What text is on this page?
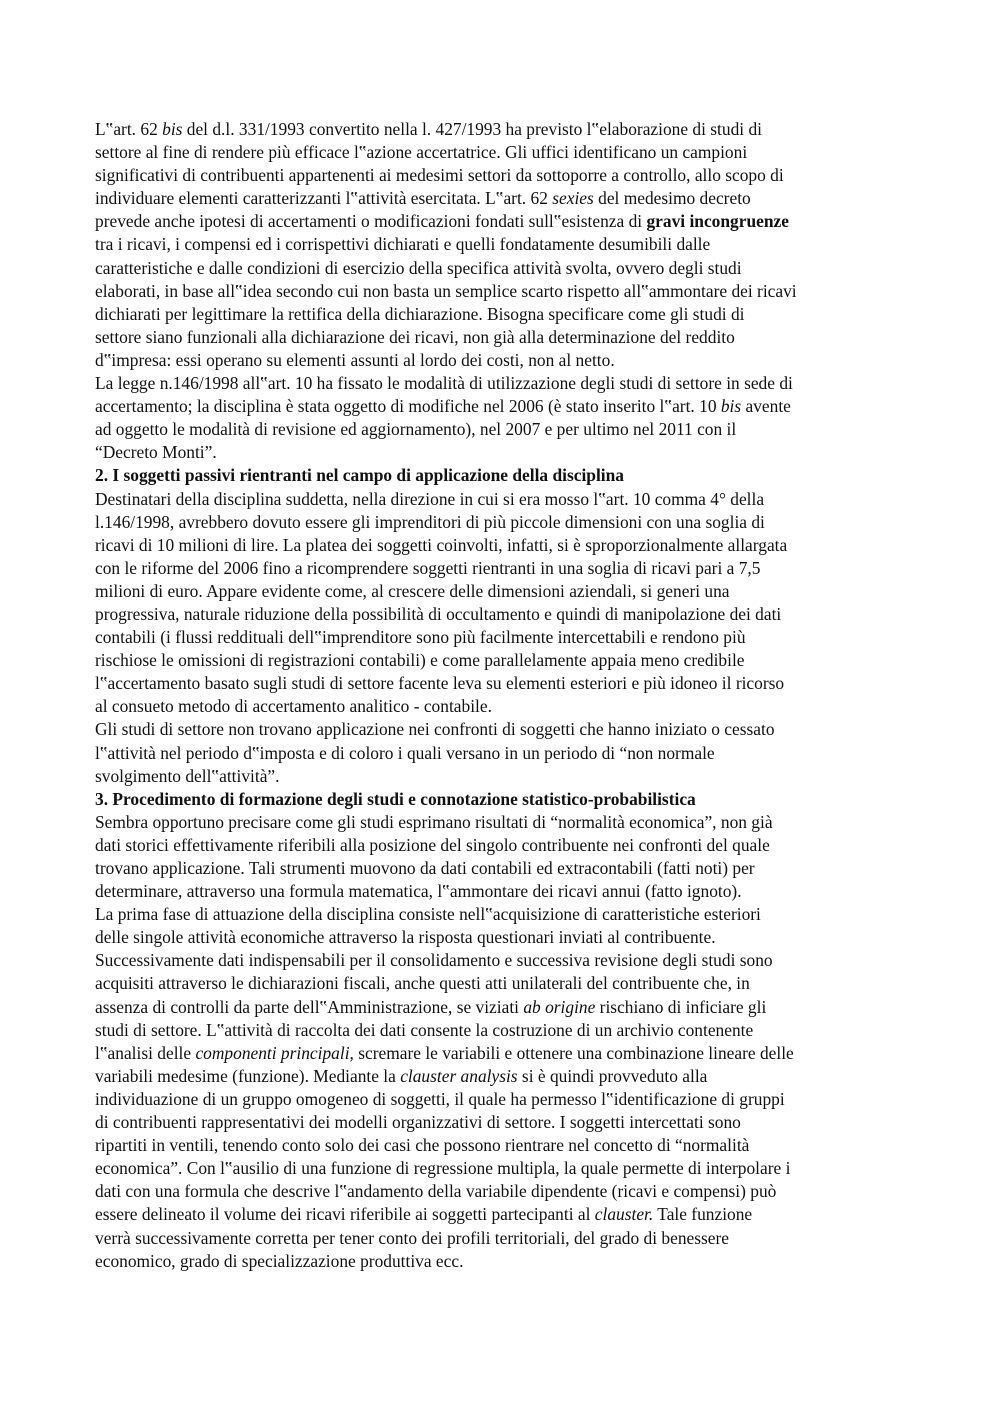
L‟art. 62 bis del d.l. 331/1993 convertito nella l. 427/1993 ha previsto l‟elaborazione di studi di
settore al fine di rendere più efficace l‟azione accertatrice. Gli uffici identificano un campioni
significativi di contribuenti appartenenti ai medesimi settori da sottoporre a controllo, allo scopo di
individuare elementi caratterizzanti l‟attività esercitata. L‟art. 62 sexies del medesimo decreto
prevede anche ipotesi di accertamenti o modificazioni fondati sull‟esistenza di gravi incongruenze
tra i ricavi, i compensi ed i corrispettivi dichiarati e quelli fondatamente desumibili dalle
caratteristiche e dalle condizioni di esercizio della specifica attività svolta, ovvero degli studi
elaborati, in base all‟idea secondo cui non basta un semplice scarto rispetto all‟ammontare dei ricavi
dichiarati per legittimare la rettifica della dichiarazione. Bisogna specificare come gli studi di
settore siano funzionali alla dichiarazione dei ricavi, non già alla determinazione del reddito
d‟impresa: essi operano su elementi assunti al lordo dei costi, non al netto.
La legge n.146/1998 all‟art. 10 ha fissato le modalità di utilizzazione degli studi di settore in sede di
accertamento; la disciplina è stata oggetto di modifiche nel 2006 (è stato inserito l‟art. 10 bis avente
ad oggetto le modalità di revisione ed aggiornamento), nel 2007 e per ultimo nel 2011 con il
“Decreto Monti”.
2. I soggetti passivi rientranti nel campo di applicazione della disciplina
Destinatari della disciplina suddetta, nella direzione in cui si era mosso l‟art. 10 comma 4° della
l.146/1998, avrebbero dovuto essere gli imprenditori di più piccole dimensioni con una soglia di
ricavi di 10 milioni di lire. La platea dei soggetti coinvolti, infatti, si è sproporzionalmente allargata
con le riforme del 2006 fino a ricomprendere soggetti rientranti in una soglia di ricavi pari a 7,5
milioni di euro. Appare evidente come, al crescere delle dimensioni aziendali, si generi una
progressiva, naturale riduzione della possibilità di occultamento e quindi di manipolazione dei dati
contabili (i flussi reddituali dell‟imprenditore sono più facilmente intercettabili e rendono più
rischiose le omissioni di registrazioni contabili) e come parallelamente appaia meno credibile
l‟accertamento basato sugli studi di settore facente leva su elementi esteriori e più idoneo il ricorso
al consueto metodo di accertamento analitico - contabile.
Gli studi di settore non trovano applicazione nei confronti di soggetti che hanno iniziato o cessato
l‟attività nel periodo d‟imposta e di coloro i quali versano in un periodo di “non normale
svolgimento dell‟attività”.
3. Procedimento di formazione degli studi e connotazione statistico-probabilistica
Sembra opportuno precisare come gli studi esprimano risultati di “normalità economica”, non già
dati storici effettivamente riferibili alla posizione del singolo contribuente nei confronti del quale
trovano applicazione. Tali strumenti muovono da dati contabili ed extracontabili (fatti noti) per
determinare, attraverso una formula matematica, l‟ammontare dei ricavi annui (fatto ignoto).
La prima fase di attuazione della disciplina consiste nell‟acquisizione di caratteristiche esteriori
delle singole attività economiche attraverso la risposta questionari inviati al contribuente.
Successivamente dati indispensabili per il consolidamento e successiva revisione degli studi sono
acquisiti attraverso le dichiarazioni fiscali, anche questi atti unilaterali del contribuente che, in
assenza di controlli da parte dell‟Amministrazione, se viziati ab origine rischiano di inficiare gli
studi di settore. L‟attività di raccolta dei dati consente la costruzione di un archivio contenente
l‟analisi delle componenti principali, scremare le variabili e ottenere una combinazione lineare delle
variabili medesime (funzione). Mediante la clauster analysis si è quindi provveduto alla
individuazione di un gruppo omogeneo di soggetti, il quale ha permesso l‟identificazione di gruppi
di contribuenti rappresentativi dei modelli organizzativi di settore. I soggetti intercettati sono
ripartiti in ventili, tenendo conto solo dei casi che possono rientrare nel concetto di “normalità
economica”. Con l‟ausilio di una funzione di regressione multipla, la quale permette di interpolare i
dati con una formula che descrive l‟andamento della variabile dipendente (ricavi e compensi) può
essere delineato il volume dei ricavi riferibile ai soggetti partecipanti al clauster. Tale funzione
verrà successivamente corretta per tener conto dei profili territoriali, del grado di benessere
economico, grado di specializzazione produttiva ecc.
